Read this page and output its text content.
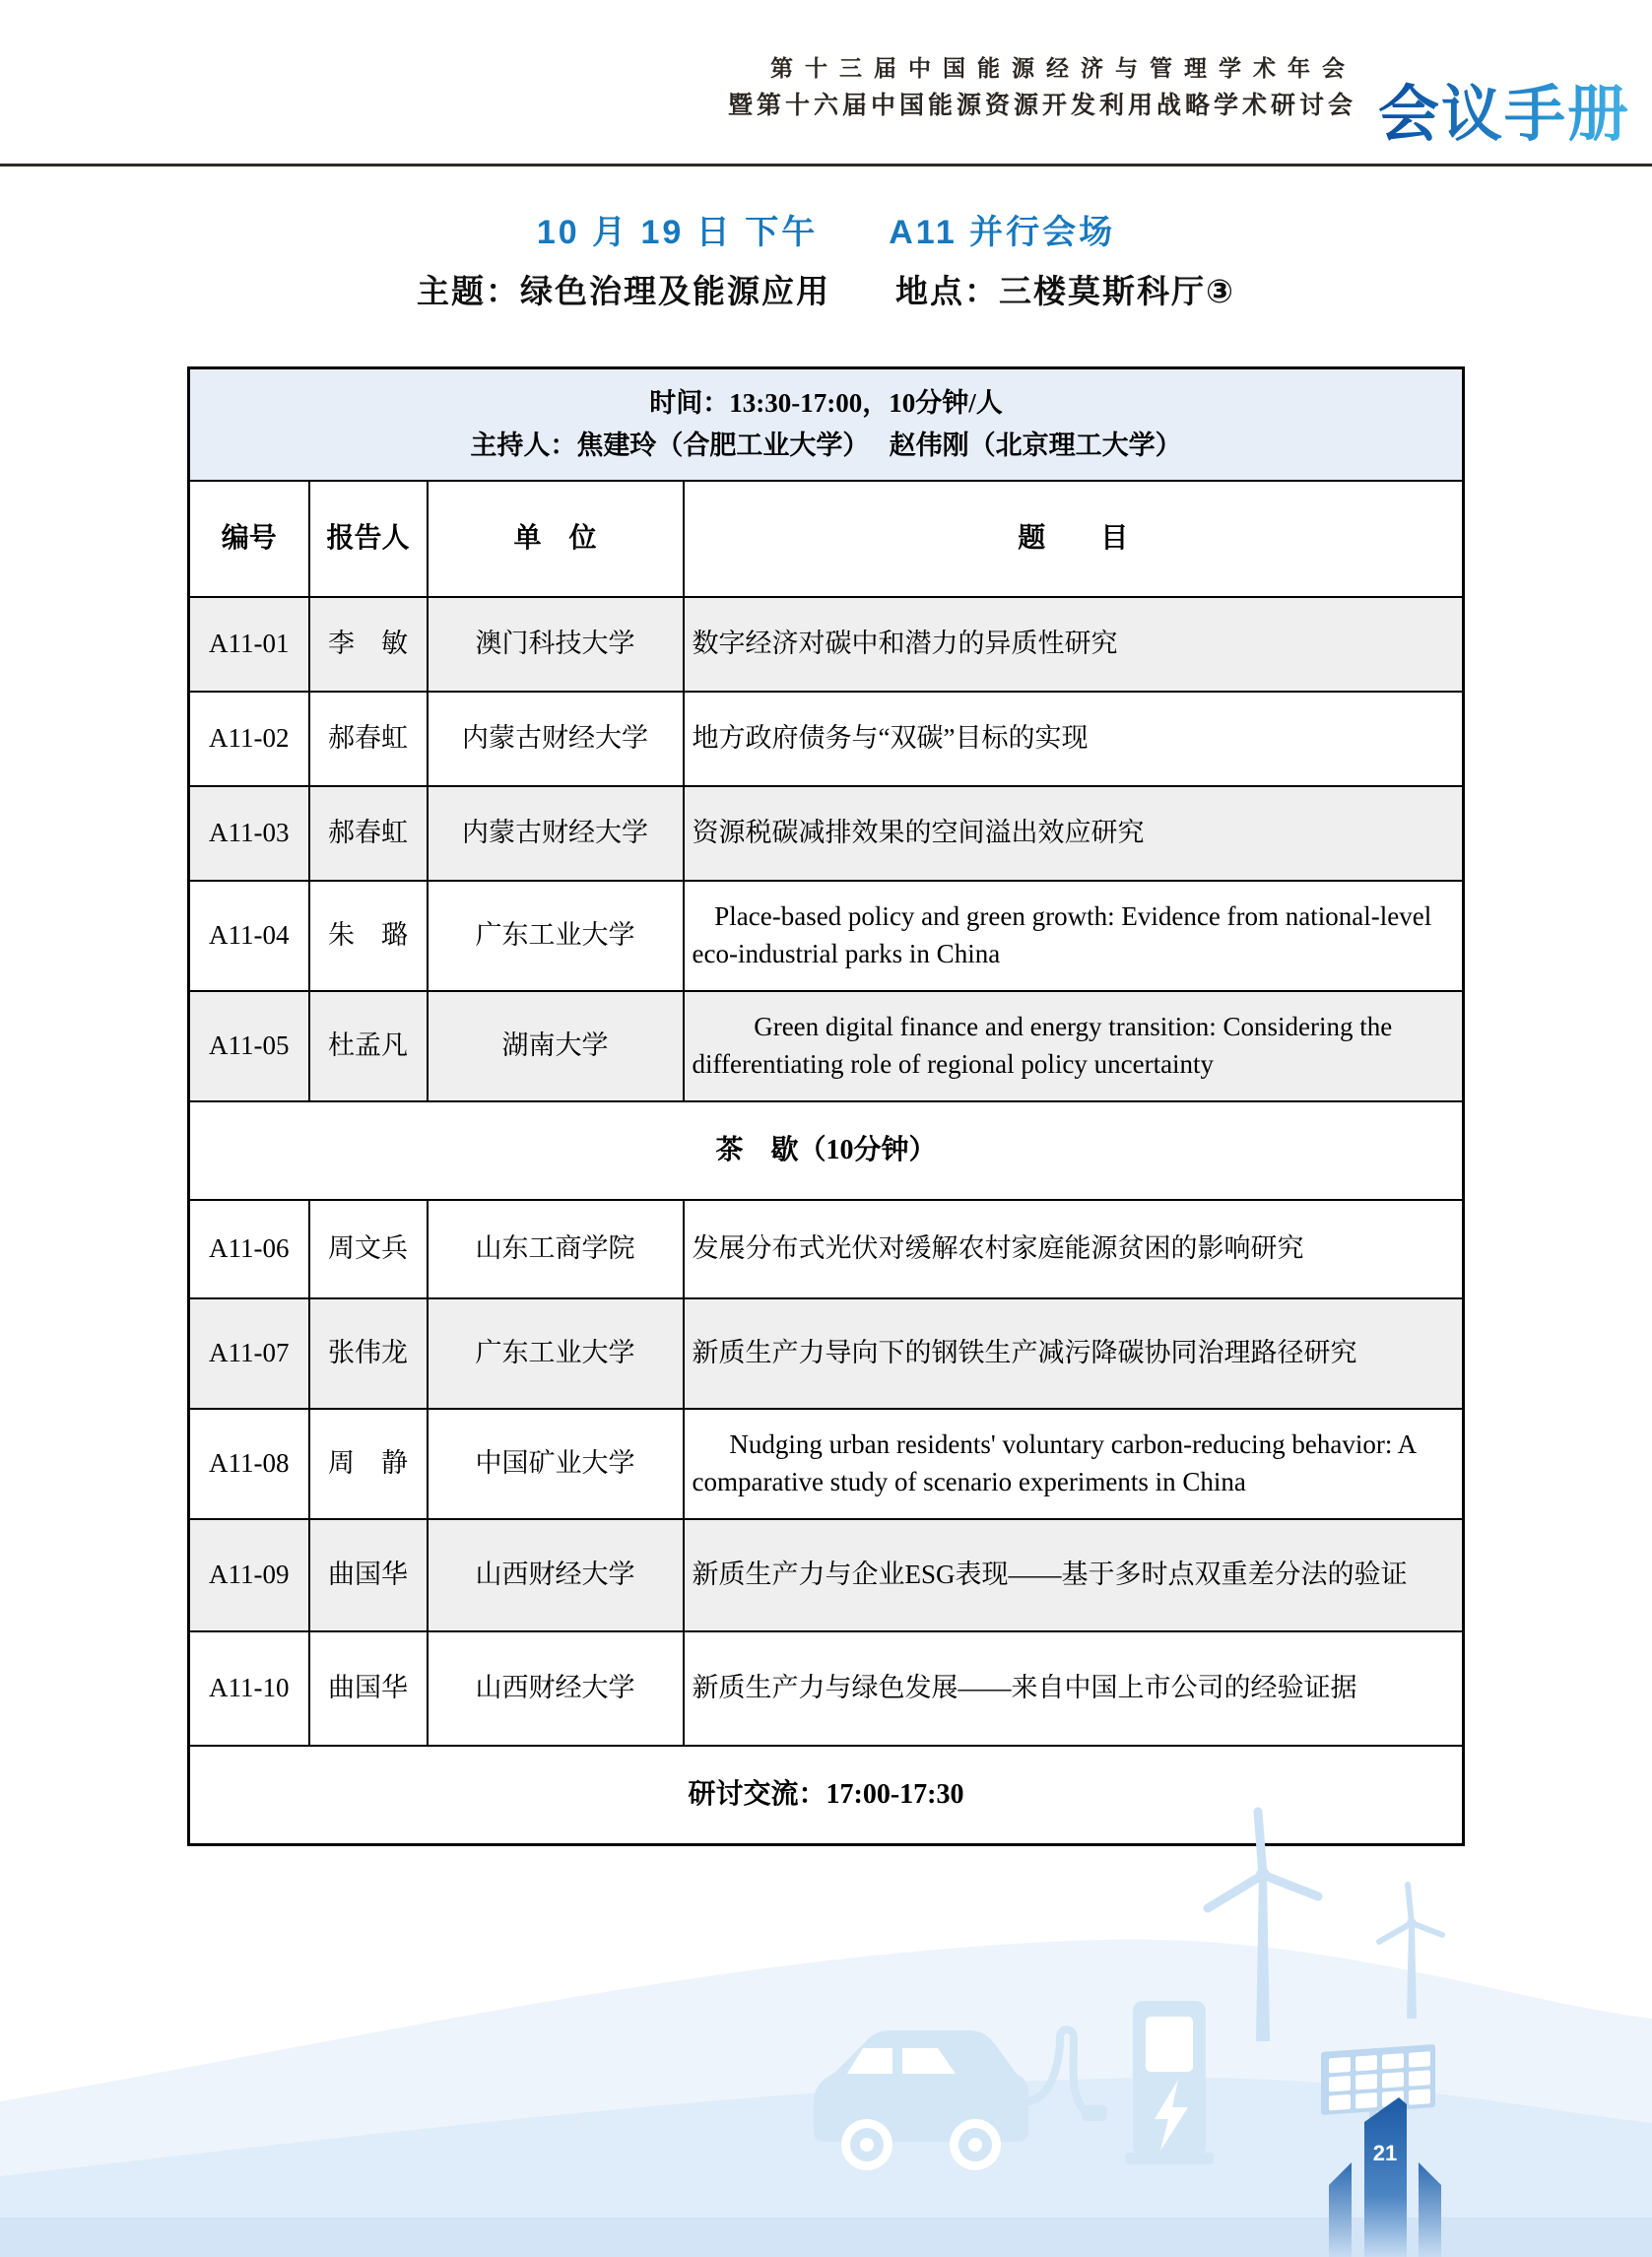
第十三届中国能源经济与管理学术年会
暨第十六届中国能源资源开发利用战略学术研讨会 会议手册
10 月 19 日 下午 A11 并行会场
主题：绿色治理及能源应用 地点：三楼莫斯科厅③
时间：13:30-17:00，10分钟/人
主持人：焦建玲（合肥工业大学）　 赵伟刚（北京理工大学）			

编号	报告人	单　位	题　　目
A11-01	李　敏	澳门科技大学	数字经济对碳中和潜力的异质性研究
A11-02	郝春虹	内蒙古财经大学	地方政府债务与“双碳”目标的实现
A11-03	郝春虹	内蒙古财经大学	资源税碳减排效果的空间溢出效应研究
A11-04	朱　璐	广东工业大学	Place-based policy and green growth: Evidence from national-level eco-industrial parks in China
A11-05	杜孟凡	湖南大学	Green digital finance and energy transition: Considering the differentiating role of regional policy uncertainty
茶　歇（10分钟）			
A11-06	周文兵	山东工商学院	发展分布式光伏对缓解农村家庭能源贫困的影响研究
A11-07	张伟龙	广东工业大学	新质生产力导向下的钢铁生产减污降碳协同治理路径研究
A11-08	周　静	中国矿业大学	Nudging urban residents' voluntary carbon-reducing behavior: A comparative study of scenario experiments in China
A11-09	曲国华	山西财经大学	新质生产力与企业ESG表现——基于多时点双重差分法的验证
A11-10	曲国华	山西财经大学	新质生产力与绿色发展——来自中国上市公司的经验证据
研讨交流：17:00-17:30			
21
